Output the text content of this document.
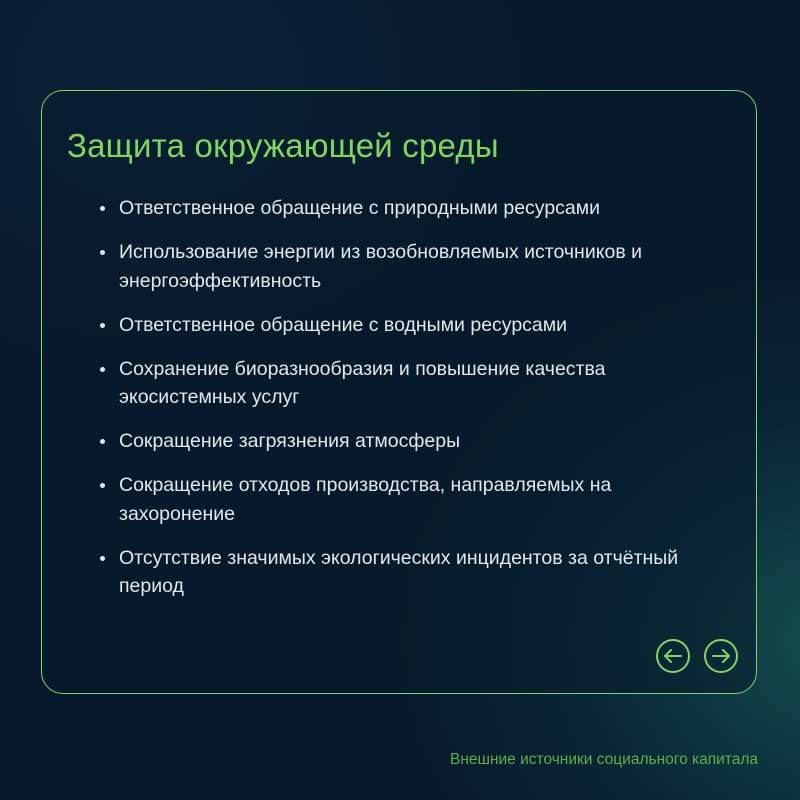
Защита окружающей среды
Ответственное обращение с природными ресурсами
Использование энергии из возобновляемых источников и энергоэффективность
Ответственное обращение с водными ресурсами
Сохранение биоразнообразия и повышение качества экосистемных услуг
Сокращение загрязнения атмосферы
Сокращение отходов производства, направляемых на захоронение
Отсутствие значимых экологических инцидентов за отчётный период
Внешние источники социального капитала
